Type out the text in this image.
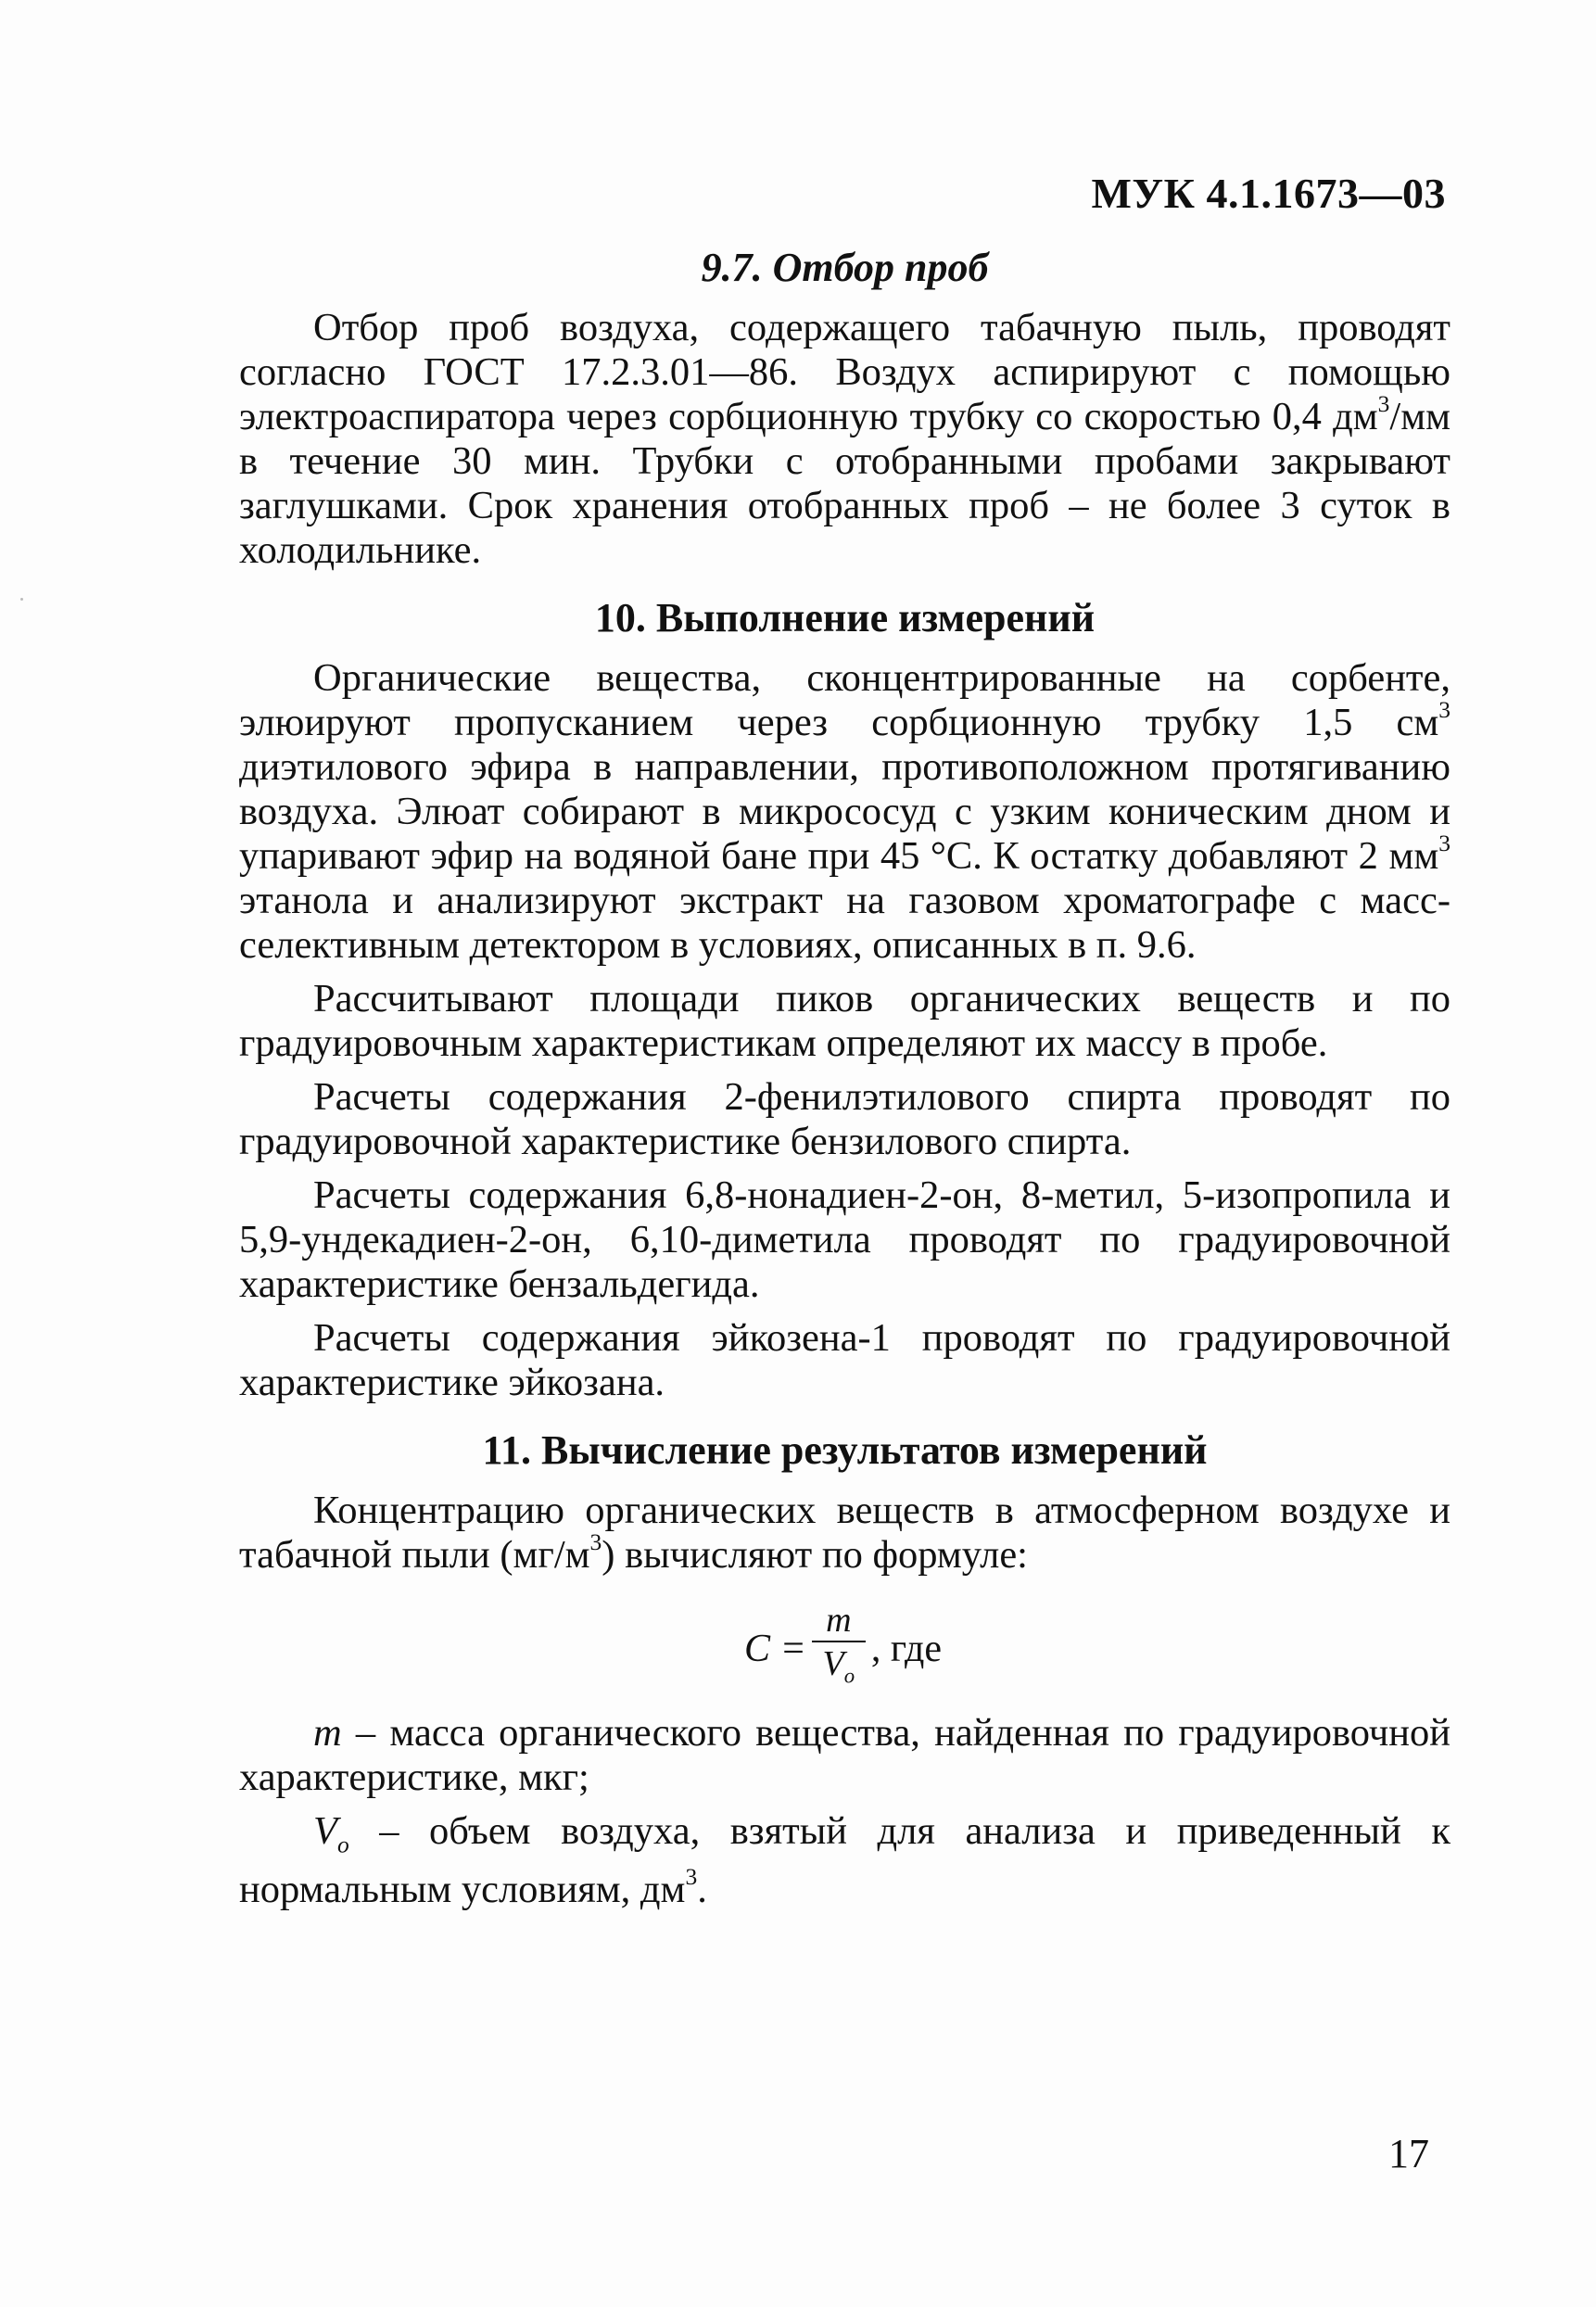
МУК 4.1.1673—03
9.7. Отбор проб

Отбор проб воздуха, содержащего табачную пыль, проводят согласно ГОСТ 17.2.3.01—86. Воздух аспирируют с помощью электроаспиратора через сорбционную трубку со скоростью 0,4 $дм^3/мм$ в течение 30 мин. Трубки с отобранными пробами закрывают заглушками. Срок хранения отобранных проб – не более 3 суток в холодильнике.

10. Выполнение измерений

Органические вещества, сконцентрированные на сорбенте, элюируют пропусканием через сорбционную трубку 1,5 $см^3$ диэтилового эфира в направлении, противоположном протягиванию воздуха. Элюат собирают в микрососуд с узким коническим дном и упаривают эфир на водяной бане при 45 °С. К остатку добавляют 2 $мм^3$ этанола и анализируют экстракт на газовом хроматографе с масс-селективным детектором в условиях, описанных в п. 9.6.

Рассчитывают площади пиков органических веществ и по градуировочным характеристикам определяют их массу в пробе.

Расчеты содержания 2-фенилэтилового спирта проводят по градуировочной характеристике бензилового спирта.

Расчеты содержания 6,8-нонадиен-2-он, 8-метил, 5-изопропила и 5,9-ундекадиен-2-он, 6,10-диметила проводят по градуировочной характеристике бензальдегида.

Расчеты содержания эйкозена-1 проводят по градуировочной характеристике эйкозана.

11. Вычисление результатов измерений

Концентрацию органических веществ в атмосферном воздухе и табачной пыли $(мг/м^3)$ вычисляют по формуле:

$C = \frac{m}{V_o}$ , где

m – масса органического вещества, найденная по градуировочной характеристике, мкг;

$V_o$ – объем воздуха, взятый для анализа и приведенный к нормальным условиям, $дм^3$.

17
